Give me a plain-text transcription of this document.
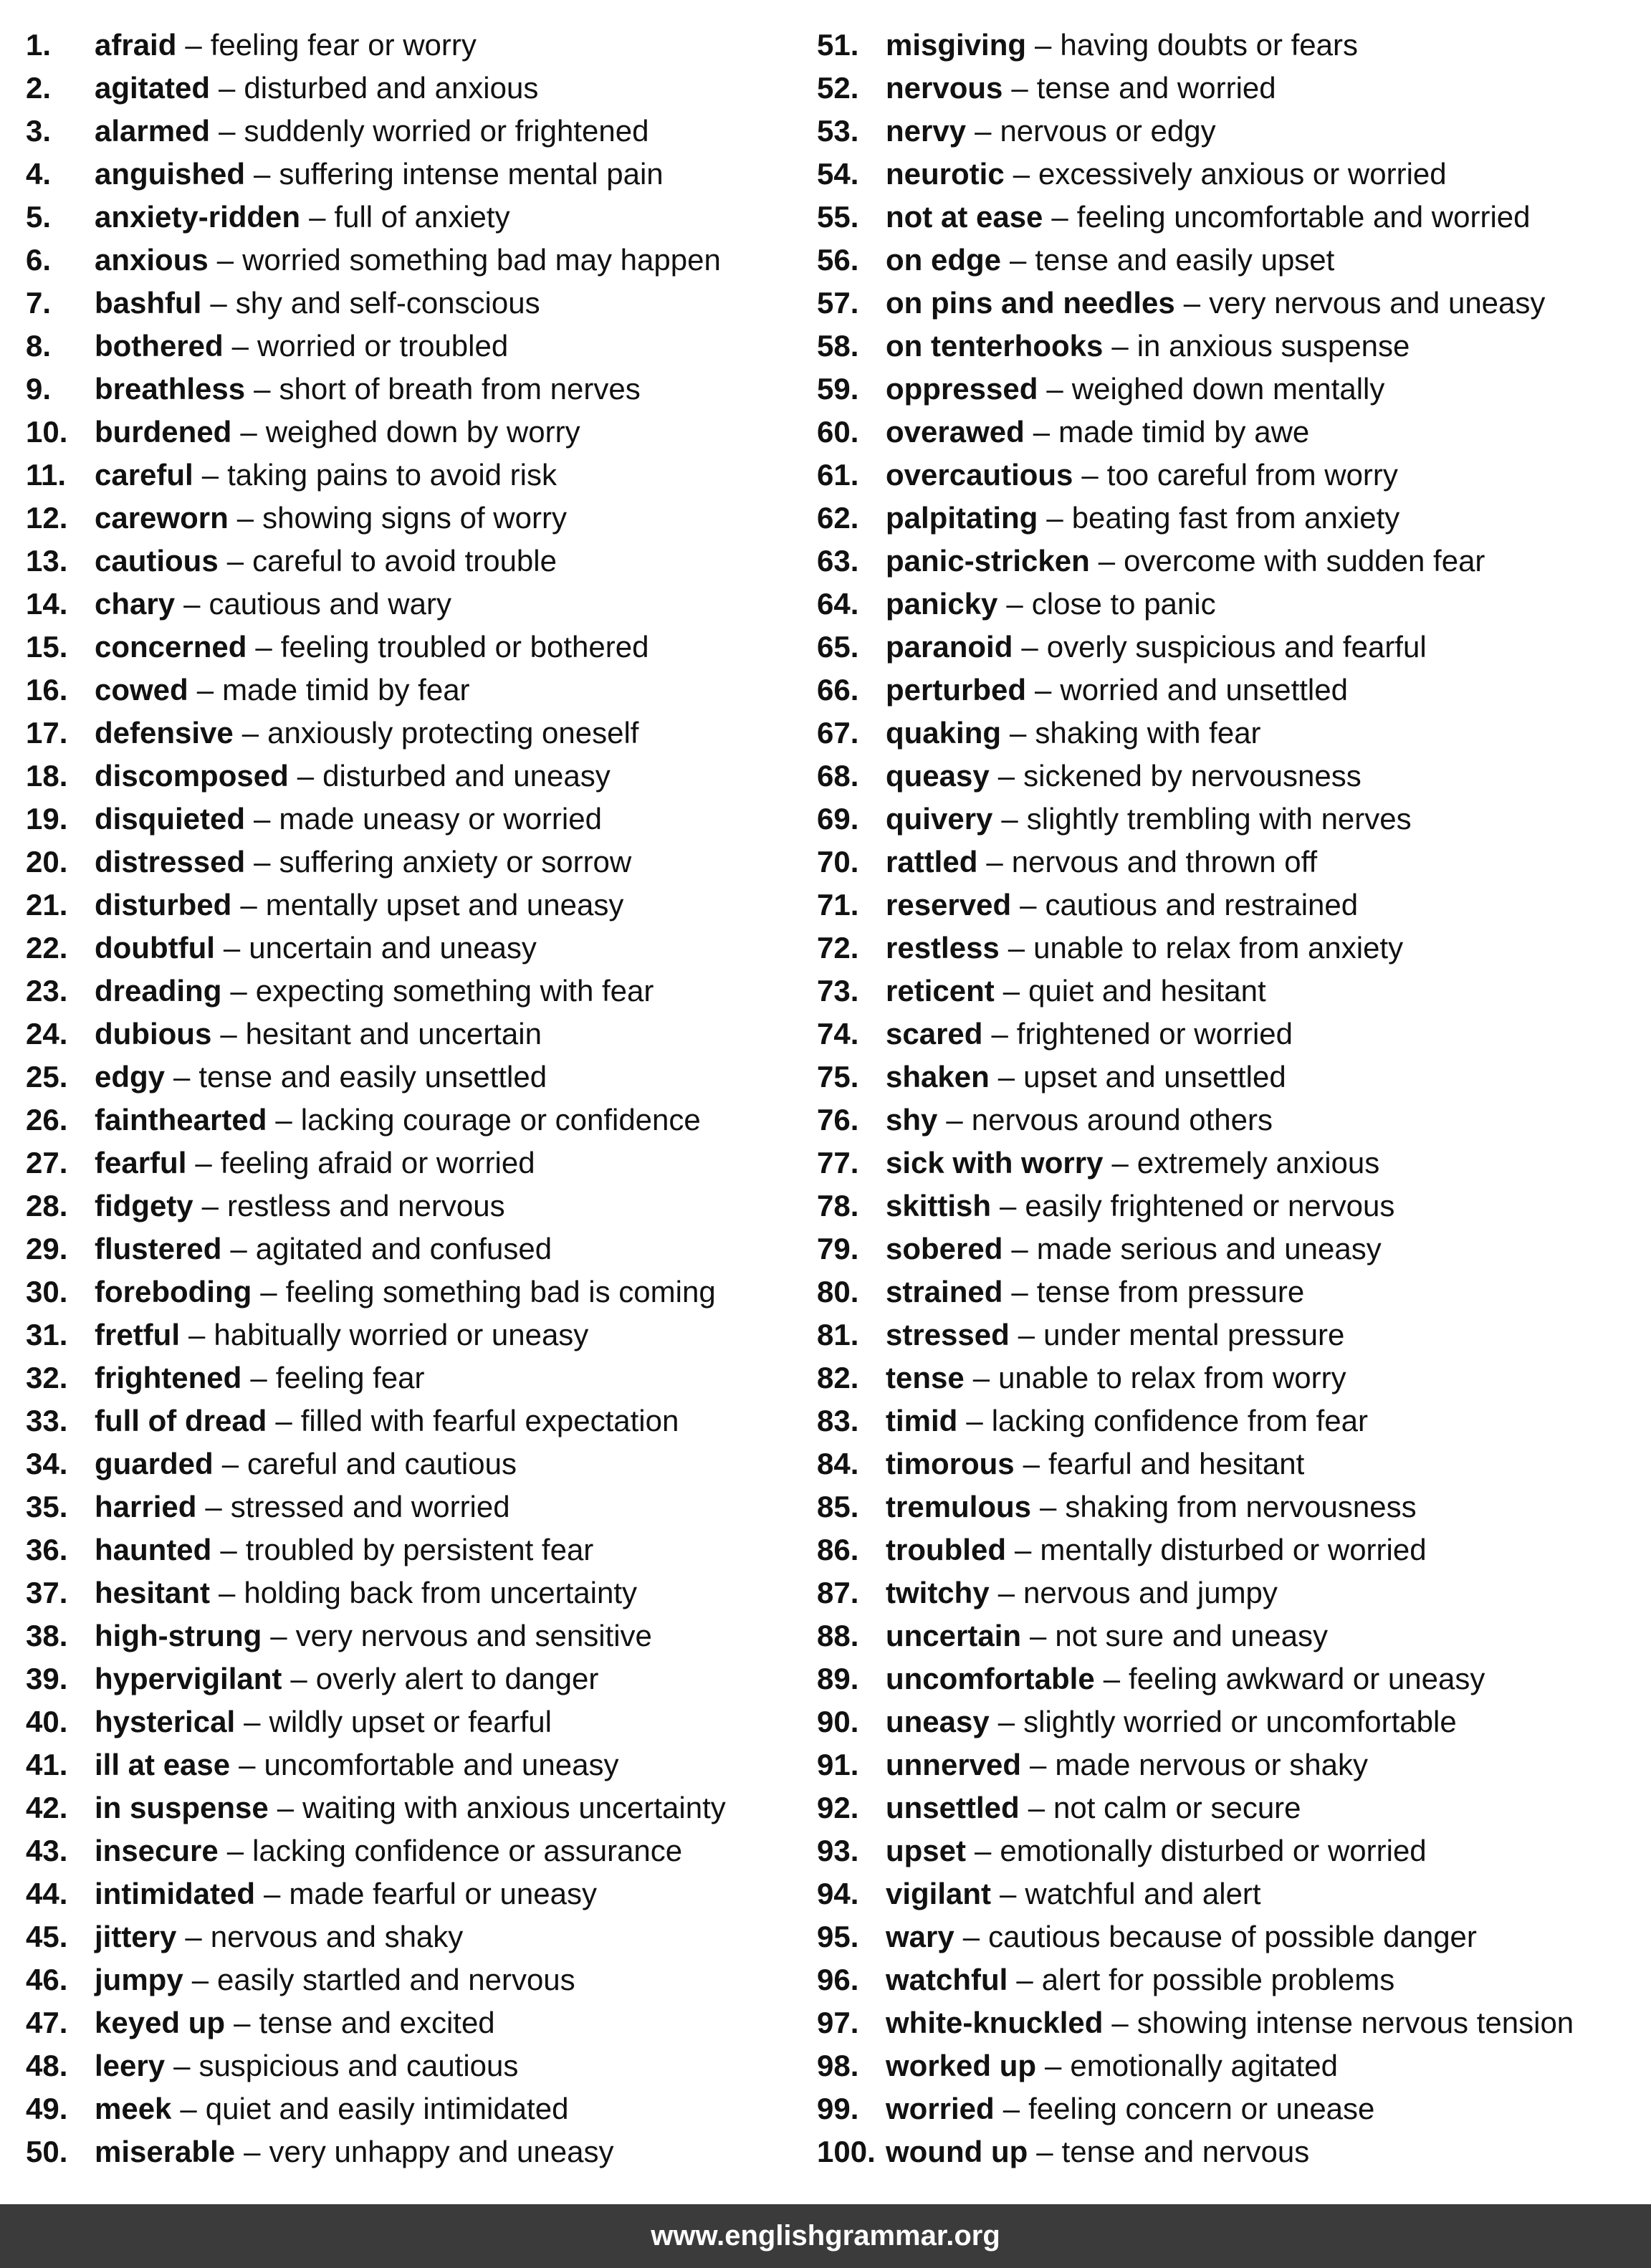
1.	afraid – feeling fear or worry
2.	agitated – disturbed and anxious
3.	alarmed – suddenly worried or frightened
4.	anguished – suffering intense mental pain
5.	anxiety-ridden – full of anxiety
6.	anxious – worried something bad may happen
7.	bashful – shy and self-conscious
8.	bothered – worried or troubled
9.	breathless – short of breath from nerves
10. burdened – weighed down by worry
11. careful – taking pains to avoid risk
12. careworn – showing signs of worry
13. cautious – careful to avoid trouble
14. chary – cautious and wary
15. concerned – feeling troubled or bothered
16. cowed – made timid by fear
17. defensive – anxiously protecting oneself
18. discomposed – disturbed and uneasy
19. disquieted – made uneasy or worried
20. distressed – suffering anxiety or sorrow
21. disturbed – mentally upset and uneasy
22. doubtful – uncertain and uneasy
23. dreading – expecting something with fear
24. dubious – hesitant and uncertain
25. edgy – tense and easily unsettled
26. fainthearted – lacking courage or confidence
27. fearful – feeling afraid or worried
28. fidgety – restless and nervous
29. flustered – agitated and confused
30. foreboding – feeling something bad is coming
31. fretful – habitually worried or uneasy
32. frightened – feeling fear
33. full of dread – filled with fearful expectation
34. guarded – careful and cautious
35. harried – stressed and worried
36. haunted – troubled by persistent fear
37. hesitant – holding back from uncertainty
38. high-strung – very nervous and sensitive
39. hypervigilant – overly alert to danger
40. hysterical – wildly upset or fearful
41. ill at ease – uncomfortable and uneasy
42. in suspense – waiting with anxious uncertainty
43. insecure – lacking confidence or assurance
44. intimidated – made fearful or uneasy
45. jittery – nervous and shaky
46. jumpy – easily startled and nervous
47. keyed up – tense and excited
48. leery – suspicious and cautious
49. meek – quiet and easily intimidated
50. miserable – very unhappy and uneasy
51. misgiving – having doubts or fears
52. nervous – tense and worried
53. nervy – nervous or edgy
54. neurotic – excessively anxious or worried
55. not at ease – feeling uncomfortable and worried
56. on edge – tense and easily upset
57. on pins and needles – very nervous and uneasy
58. on tenterhooks – in anxious suspense
59. oppressed – weighed down mentally
60. overawed – made timid by awe
61. overcautious – too careful from worry
62. palpitating – beating fast from anxiety
63. panic-stricken – overcome with sudden fear
64. panicky – close to panic
65. paranoid – overly suspicious and fearful
66. perturbed – worried and unsettled
67. quaking – shaking with fear
68. queasy – sickened by nervousness
69. quivery – slightly trembling with nerves
70. rattled – nervous and thrown off
71. reserved – cautious and restrained
72. restless – unable to relax from anxiety
73. reticent – quiet and hesitant
74. scared – frightened or worried
75. shaken – upset and unsettled
76. shy – nervous around others
77. sick with worry – extremely anxious
78. skittish – easily frightened or nervous
79. sobered – made serious and uneasy
80. strained – tense from pressure
81. stressed – under mental pressure
82. tense – unable to relax from worry
83. timid – lacking confidence from fear
84. timorous – fearful and hesitant
85. tremulous – shaking from nervousness
86. troubled – mentally disturbed or worried
87. twitchy – nervous and jumpy
88. uncertain – not sure and uneasy
89. uncomfortable – feeling awkward or uneasy
90. uneasy – slightly worried or uncomfortable
91. unnerved – made nervous or shaky
92. unsettled – not calm or secure
93. upset – emotionally disturbed or worried
94. vigilant – watchful and alert
95. wary – cautious because of possible danger
96. watchful – alert for possible problems
97. white-knuckled – showing intense nervous tension
98. worked up – emotionally agitated
99. worried – feeling concern or unease
100. wound up – tense and nervous
www.englishgrammar.org
